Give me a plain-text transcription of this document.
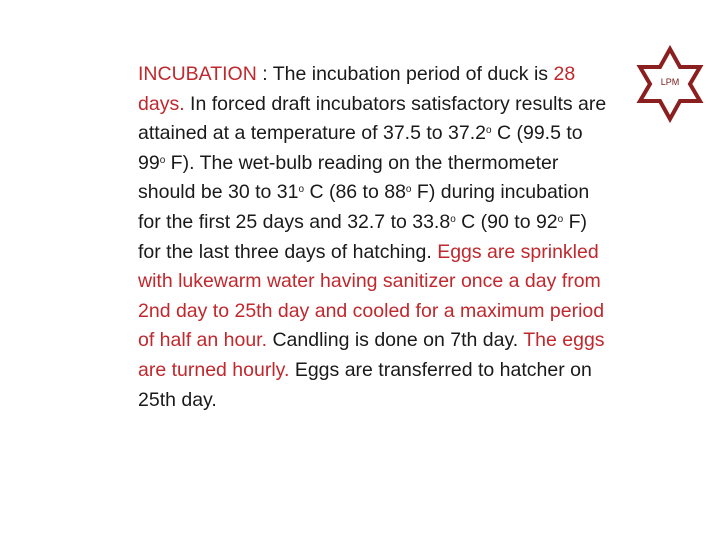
INCUBATION : The incubation period of duck is 28 days. In forced draft incubators satisfactory results are attained at a temperature of 37.5 to 37.2$^o$ C (99.5 to 99$^o$ F). The wet-bulb reading on the thermometer should be 30 to 31$^o$ C (86 to 88$^o$ F) during incubation for the first 25 days and 32.7 to 33.8$^o$ C (90 to 92$^o$ F) for the last three days of hatching. Eggs are sprinkled with lukewarm water having sanitizer once a day from 2nd day to 25th day and cooled for a maximum period of half an hour. Candling is done on 7th day. The eggs are turned hourly. Eggs are transferred to hatcher on 25th day.

LPM
